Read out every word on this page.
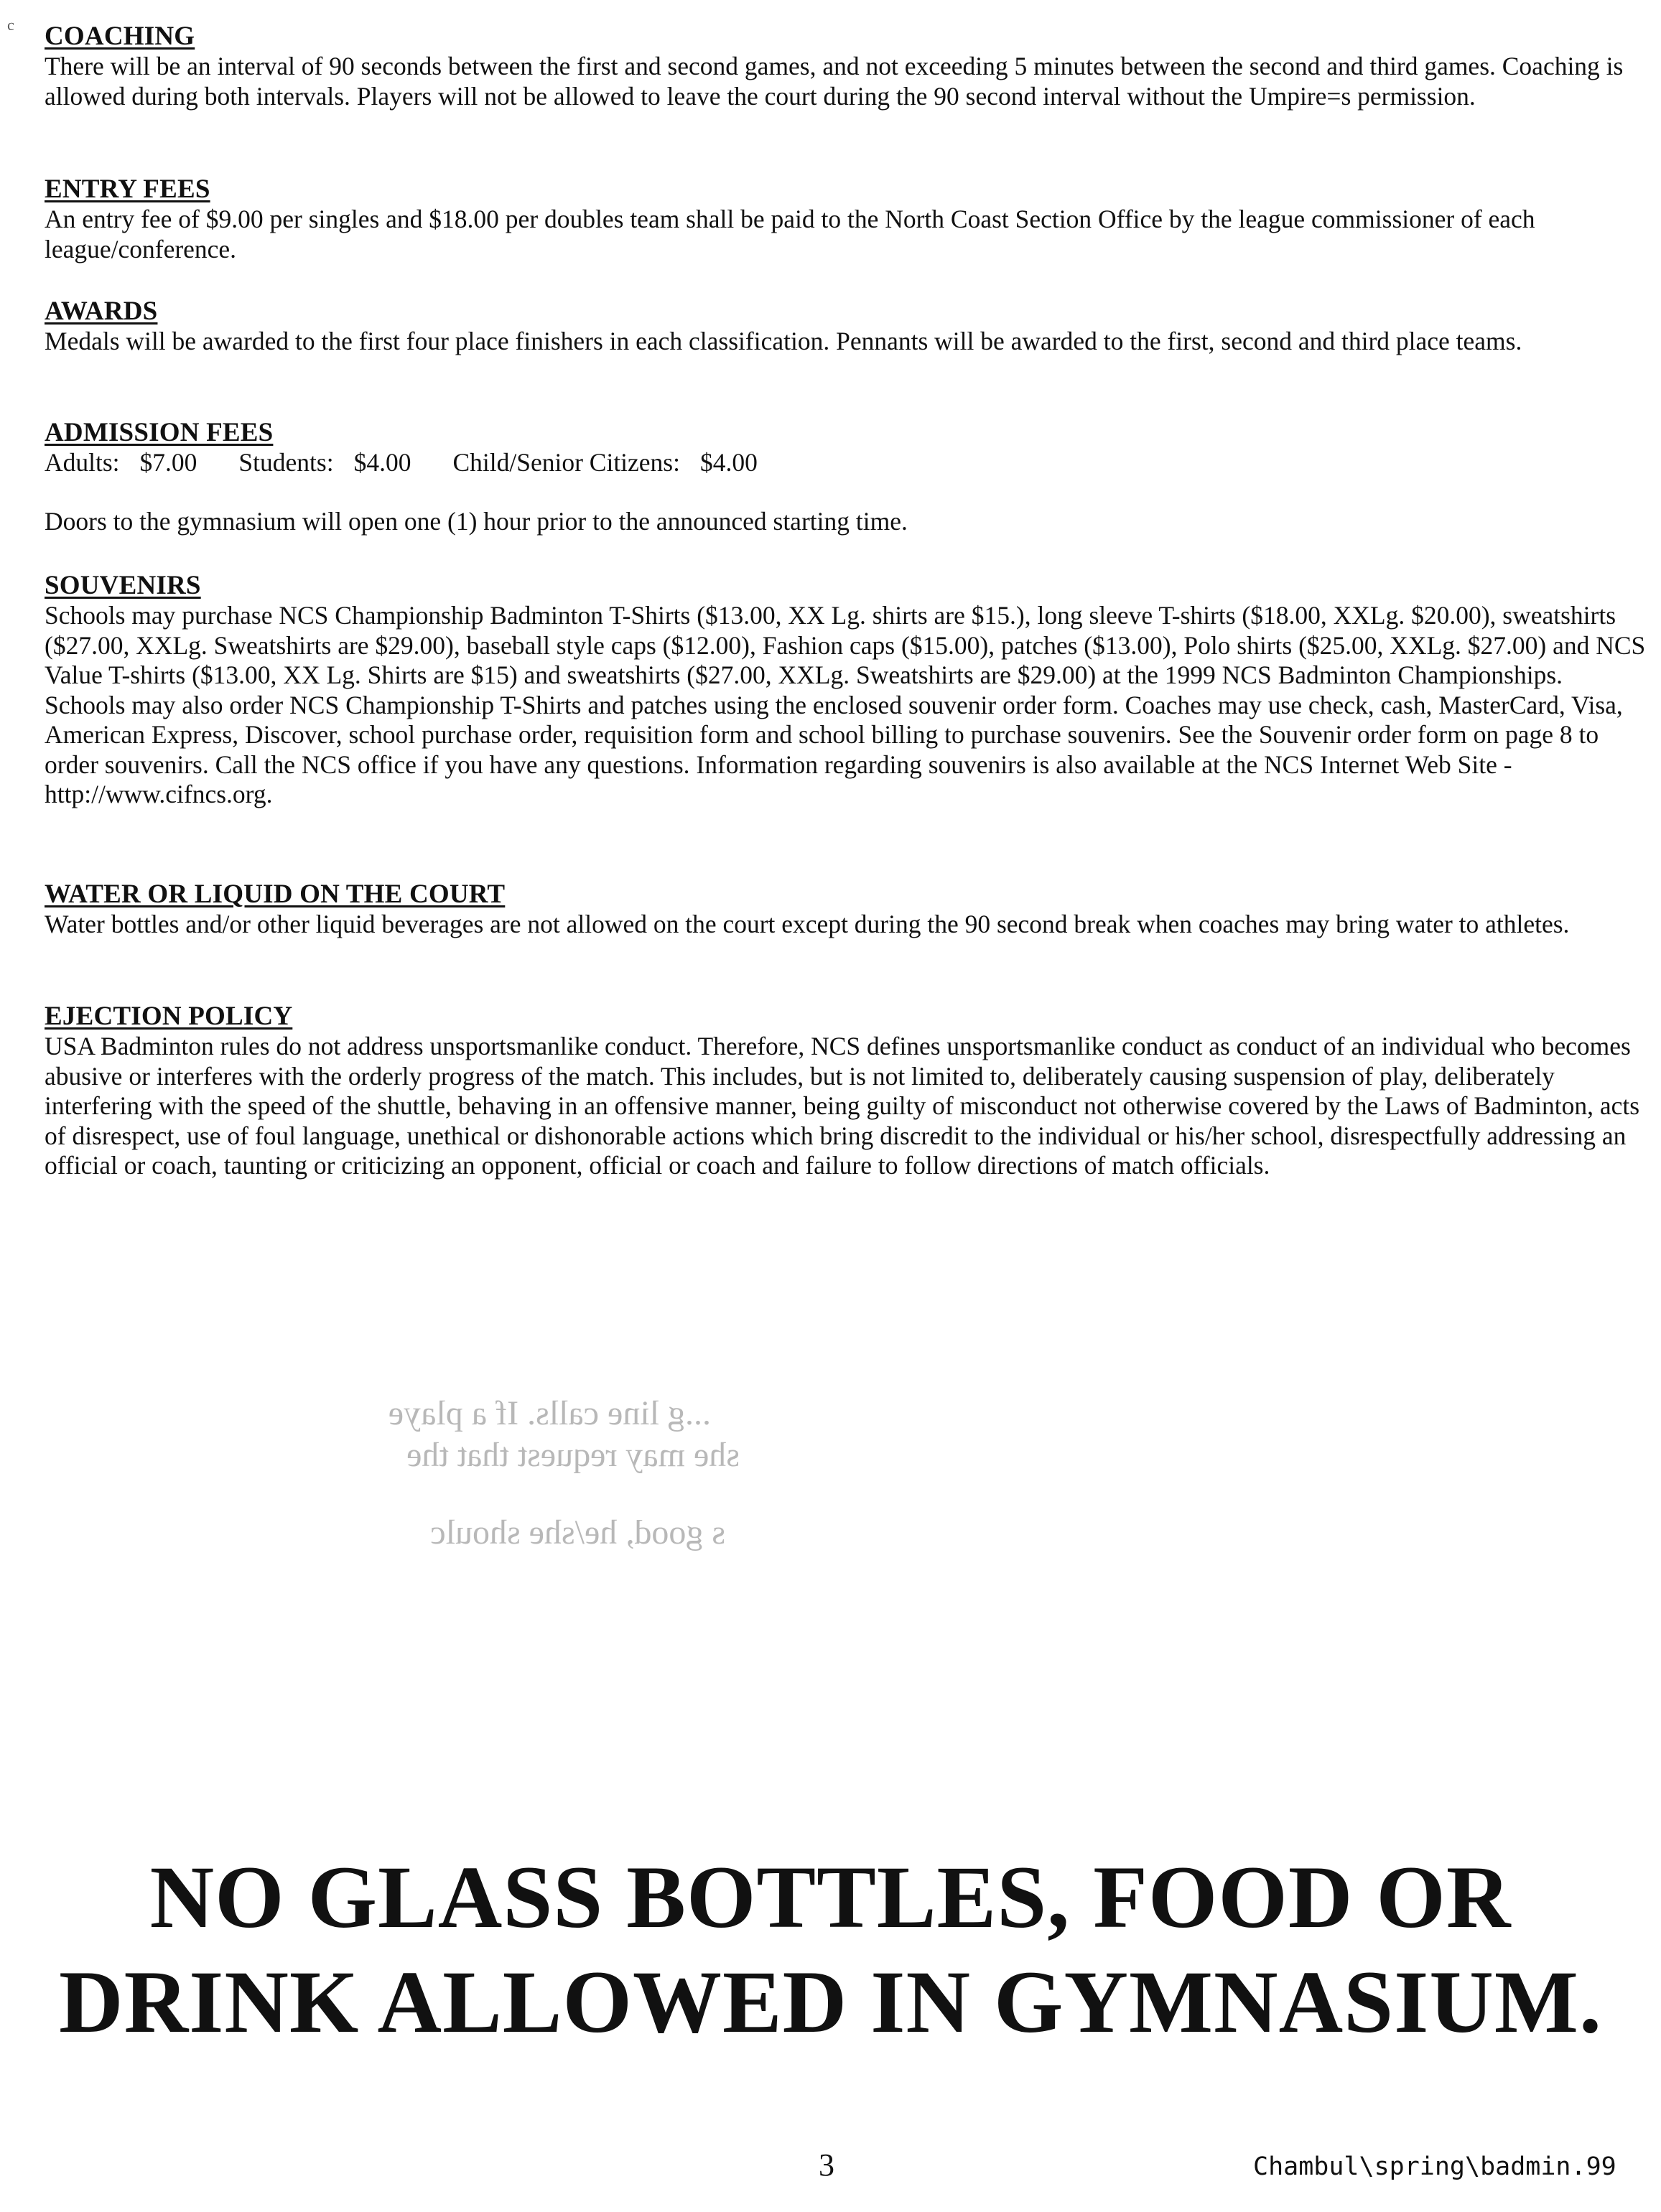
c COACHING

There will be an interval of 90 seconds between the first and second games, and not exceeding 5 minutes between the second and third games. Coaching is allowed during both intervals. Players will not be allowed to leave the court during the 90 second interval without the Umpire=s permission.

ENTRY FEES

An entry fee of $9.00 per singles and $18.00 per doubles team shall be paid to the North Coast Section Office by the league commissioner of each league/conference.

AWARDS

Medals will be awarded to the first four place finishers in each classification. Pennants will be awarded to the first, second and third place teams.

ADMISSION FEES

Adults: $7.00 Students: $4.00 Child/Senior Citizens: $4.00

Doors to the gymnasium will open one (1) hour prior to the announced starting time.

SOUVENIRS

Schools may purchase NCS Championship Badminton T-Shirts ($13.00, XX Lg. shirts are $15.), long sleeve T-shirts ($18.00, XXLg. $20.00), sweatshirts ($27.00, XXLg. Sweatshirts are $29.00), baseball style caps ($12.00), Fashion caps ($15.00), patches ($13.00), Polo shirts ($25.00, XXLg. $27.00) and NCS Value T-shirts ($13.00, XX Lg. Shirts are $15) and sweatshirts ($27.00, XXLg. Sweatshirts are $29.00) at the 1999 NCS Badminton Championships. Schools may also order NCS Championship T-Shirts and patches using the enclosed souvenir order form. Coaches may use check, cash, MasterCard, Visa, American Express, Discover, school purchase order, requisition form and school billing to purchase souvenirs. See the Souvenir order form on page 8 to order souvenirs. Call the NCS office if you have any questions. Information regarding souvenirs is also available at the NCS Internet Web Site - http://www.cifncs.org.

WATER OR LIQUID ON THE COURT

Water bottles and/or other liquid beverages are not allowed on the court except during the 90 second break when coaches may bring water to athletes.

EJECTION POLICY

USA Badminton rules do not address unsportsmanlike conduct. Therefore, NCS defines unsportsmanlike conduct as conduct of an individual who becomes abusive or interferes with the orderly progress of the match. This includes, but is not limited to, deliberately causing suspension of play, deliberately interfering with the speed of the shuttle, behaving in an offensive manner, being guilty of misconduct not otherwise covered by the Laws of Badminton, acts of disrespect, use of foul language, unethical or dishonorable actions which bring discredit to the individual or his/her school, disrespectfully addressing an official or coach, taunting or criticizing an opponent, official or coach and failure to follow directions of match officials.

...g line calls. If a playe
she may request that the
s good, he/she shoulc
NO GLASS BOTTLES, FOOD OR
DRINK ALLOWED IN GYMNASIUM.
3	Chambul\spring\badmin.99
